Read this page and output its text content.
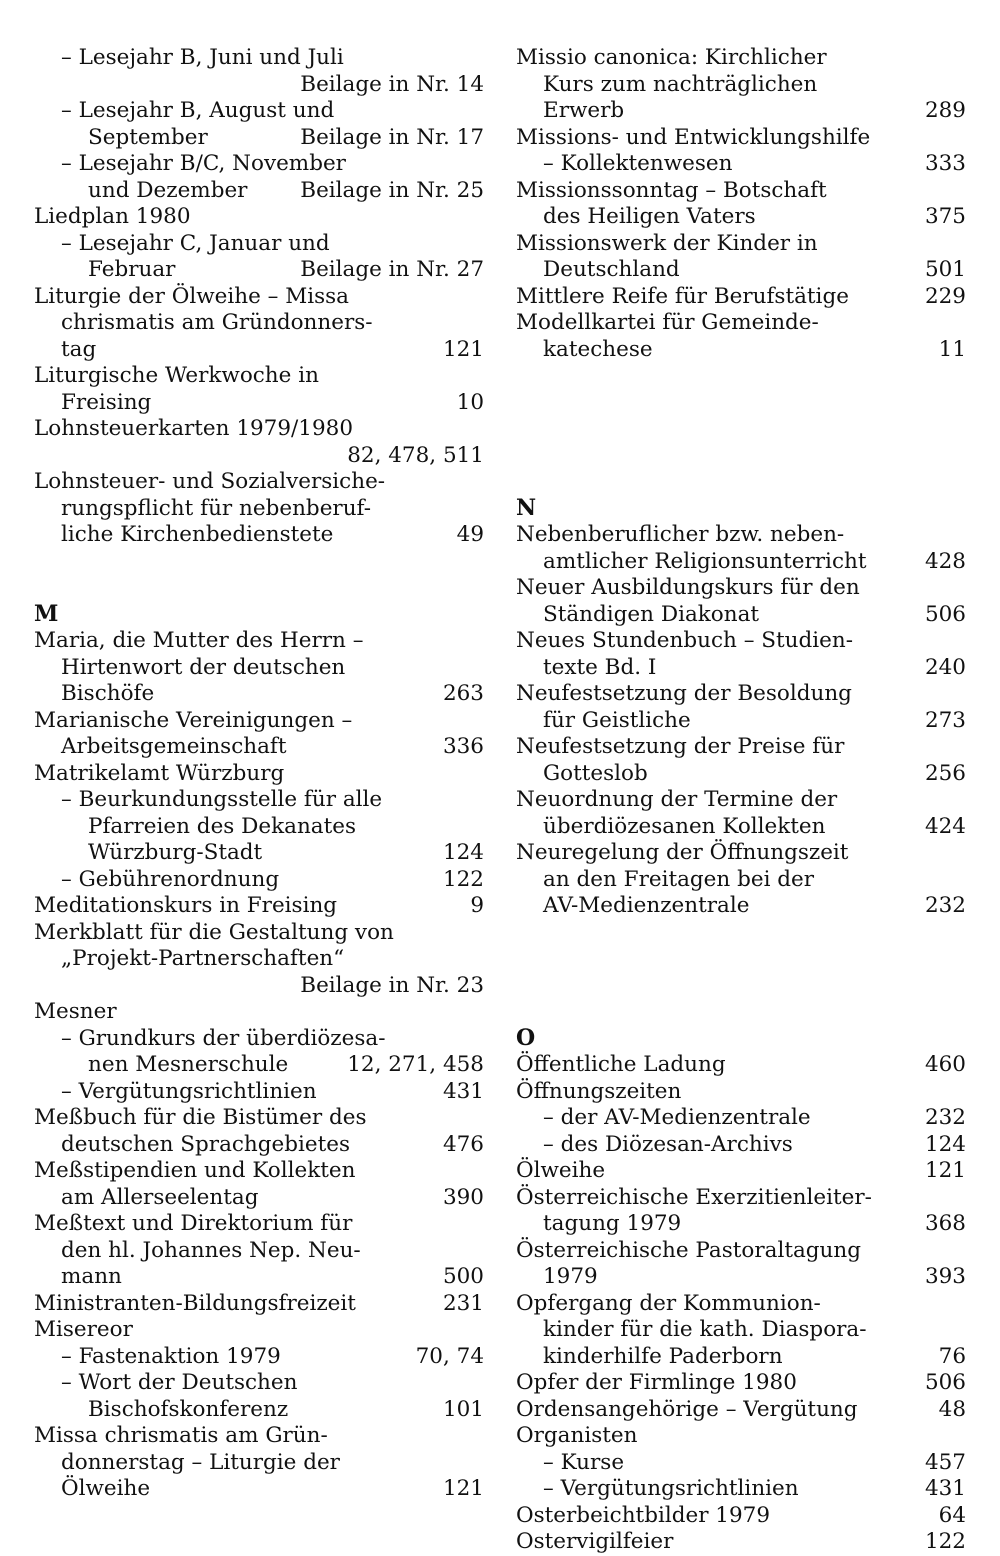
– Lesejahr B, Juni und Juli
Beilage in Nr. 14
– Lesejahr B, August und
September	Beilage in Nr. 17
– Lesejahr B/C, November
und Dezember Beilage in Nr. 25
Liedplan 1980
– Lesejahr C, Januar und
Februar	Beilage in Nr. 27
Liturgie der Ölweihe – Missa
chrismatis am Gründonners-
tag	121
Liturgische Werkwoche in
Freising	10
Lohnsteuerkarten 1979/1980
82, 478, 511
Lohnsteuer- und Sozialversiche-
rungspflicht für nebenberuf-
liche Kirchenbedienstete	49
M
Maria, die Mutter des Herrn –
Hirtenwort der deutschen
Bischöfe	263
Marianische Vereinigungen –
Arbeitsgemeinschaft	336
Matrikelamt Würzburg
– Beurkundungsstelle für alle
Pfarreien des Dekanates
Würzburg-Stadt	124
– Gebührenordnung	122
Meditationskurs in Freising	9
Merkblatt für die Gestaltung von
„Projekt-Partnerschaften“
Beilage in Nr. 23
Mesner
– Grundkurs der überdiözesa-
nen Mesnerschule	12, 271, 458
– Vergütungsrichtlinien	431
Meßbuch für die Bistümer des
deutschen Sprachgebietes	476
Meßstipendien und Kollekten
am Allerseelentag	390
Meßtext und Direktorium für
den hl. Johannes Nep. Neu-
mann	500
Ministranten-Bildungsfreizeit	231
Misereor
– Fastenaktion 1979	70, 74
– Wort der Deutschen
Bischofskonferenz	101
Missa chrismatis am Grün-
donnerstag – Liturgie der
Ölweihe	121
Missio canonica: Kirchlicher
Kurs zum nachträglichen
Erwerb	289
Missions- und Entwicklungshilfe
– Kollektenwesen	333
Missionssonntag – Botschaft
des Heiligen Vaters	375
Missionswerk der Kinder in
Deutschland	501
Mittlere Reife für Berufstätige	229
Modellkartei für Gemeinde-
katechese	11
N
Nebenberuflicher bzw. neben-
amtlicher Religionsunterricht	428
Neuer Ausbildungskurs für den
Ständigen Diakonat	506
Neues Stundenbuch – Studien-
texte Bd. I	240
Neufestsetzung der Besoldung
für Geistliche	273
Neufestsetzung der Preise für
Gotteslob	256
Neuordnung der Termine der
überdiözesanen Kollekten	424
Neuregelung der Öffnungszeit
an den Freitagen bei der
AV-Medienzentrale	232
O
Öffentliche Ladung	460
Öffnungszeiten
– der AV-Medienzentrale	232
– des Diözesan-Archivs	124
Ölweihe	121
Österreichische Exerzitienleiter-
tagung 1979	368
Österreichische Pastoraltagung
1979	393
Opfergang der Kommunion-
kinder für die kath. Diaspora-
kinderhilfe Paderborn	76
Opfer der Firmlinge 1980	506
Ordensangehörige – Vergütung	48
Organisten
– Kurse	457
– Vergütungsrichtlinien	431
Osterbeichtbilder 1979	64
Ostervigilfeier	122
